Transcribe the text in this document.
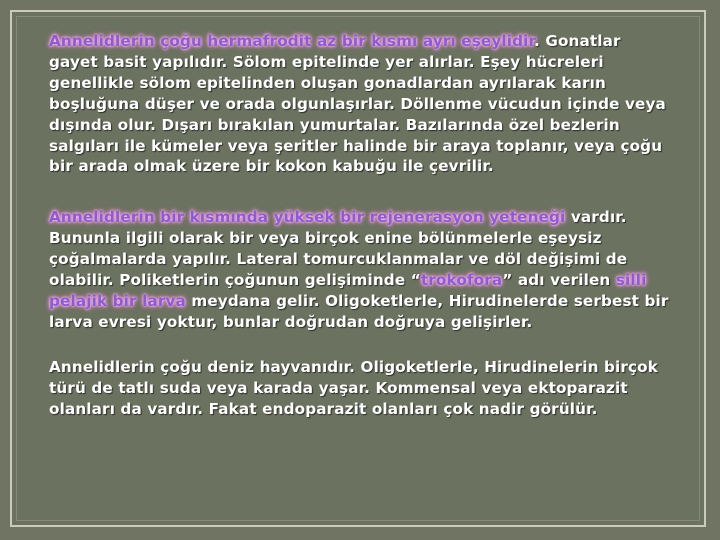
Annelidlerin çoğu hermafrodit az bir kısmı ayrı eşeylidir. Gonatlar
gayet basit yapılıdır. Sölom epitelinde yer alırlar. Eşey hücreleri
genellikle sölom epitelinden oluşan gonadlardan ayrılarak karın
boşluğuna düşer ve orada olgunlaşırlar. Döllenme vücudun içinde veya
dışında olur. Dışarı bırakılan yumurtalar. Bazılarında özel bezlerin
salgıları ile kümeler veya şeritler halinde bir araya toplanır, veya çoğu
bir arada olmak üzere bir kokon kabuğu ile çevrilir.

Annelidlerin bir kısmında yüksek bir rejenerasyon yeteneği vardır.
Bununla ilgili olarak bir veya birçok enine bölünmelerle eşeysiz
çoğalmalarda yapılır. Lateral tomurcuklanmalar ve döl değişimi de
olabilir. Poliketlerin çoğunun gelişiminde “trokofora” adı verilen silli
pelajik bir larva meydana gelir. Oligoketlerle, Hirudinelerde serbest bir
larva evresi yoktur, bunlar doğrudan doğruya gelişirler.

Annelidlerin çoğu deniz hayvanıdır. Oligoketlerle, Hirudinelerin birçok
türü de tatlı suda veya karada yaşar. Kommensal veya ektoparazit
olanları da vardır. Fakat endoparazit olanları çok nadir görülür.
